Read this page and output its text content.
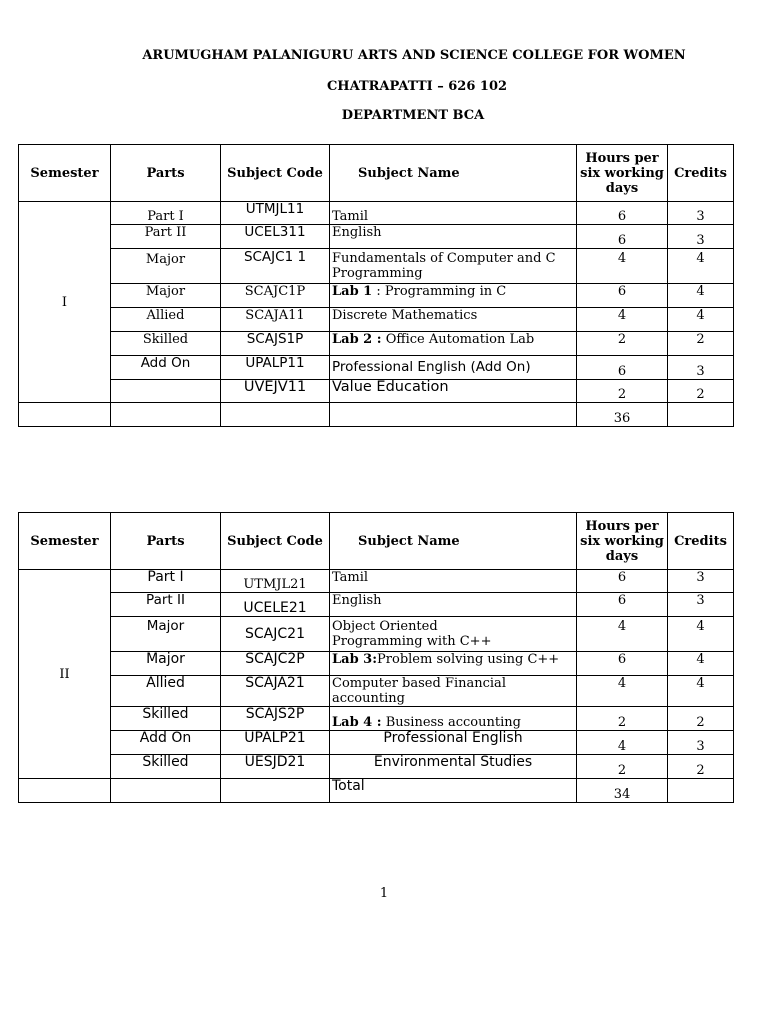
ARUMUGHAM PALANIGURU ARTS AND SCIENCE COLLEGE FOR WOMEN
CHATRAPATTI – 626 102
DEPARTMENT BCA
Semester	Parts	Subject Code	Subject Name	Hours per six working days	Credits
I	Part I	UTMJL11	Tamil	6	3
	Part II	UCEL311	English	6	3
	Major	SCAJC1 1	Fundamentals of Computer and C Programming	4	4
	Major	SCAJC1P	Lab 1 : Programming in C	6	4
	Allied	SCAJA11	Discrete Mathematics	4	4
	Skilled	SCAJS1P	Lab 2 : Office Automation Lab	2	2
	Add On	UPALP11	Professional English (Add On)	6	3
		UVEJV11	Value Education	2	2
				36	
Semester	Parts	Subject Code	Subject Name	Hours per six working days	Credits
II	Part I	UTMJL21	Tamil	6	3
	Part II	UCELE21	English	6	3
	Major	SCAJC21	Object Oriented Programming with C++	4	4
	Major	SCAJC2P	Lab 3:Problem solving using C++	6	4
	Allied	SCAJA21	Computer based Financial accounting	4	4
	Skilled	SCAJS2P	Lab 4 : Business accounting	2	2
	Add On	UPALP21	Professional English	4	3
	Skilled	UESJD21	Environmental Studies	2	2
			Total	34	
1
